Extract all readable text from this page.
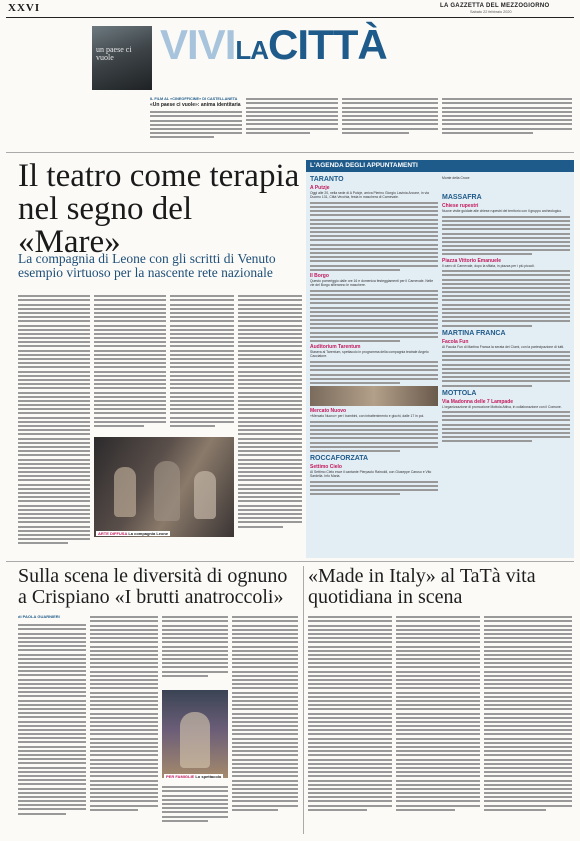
XXVI	LA GAZZETTA DEL MEZZOGIORNO
Sabato 22 febbraio 2020
un paese ci vuole	VIVILACITTÀ
IL FILM AL «CINEOFFICINE» DI CASTELLANETA
«Un paese ci vuole»: anima identitaria
Il teatro come terapia nel segno del «Mare»
La compagnia di Leone con gli scritti di Venuto esempio virtuoso per la nascente rete nazionale
ARTE DIFFUSA La compagnia Leone
L'AGENDA DEGLI APPUNTAMENTI
TARANTO
A Putzje
Oggi alle 20, nella sede di A Putzje, arriva Pierino Giorgio Lavinia Arcone, in via Duomo 131, Città Vecchia, festa in maschera di Carnevale.
Il Borgo
Questo pomeriggio dalle ore 16 e domenica festeggiamenti per il Carnevale. Nelle vie del Borgo sfileranno le maschere.
Auditorium Tarentum
Stasera al Tarentum, spettacolo in programma della compagnia teatrale Angelo Cacciatore.
Mercato Nuovo
«Mercato Nuovo» per i bambini, con intrattenimento e giochi, dalle 17 in poi.
ROCCAFORZATA
Settimo Cielo
Al Settimo Cielo esce il cantante Pierpaolo Rainoldi, con Giuseppe Caruso e Vito Sardella. Info Maria.
Monte della Croce
MASSAFRA
Chiese rupestri
Nuove visite guidate alle chiese rupestri del territorio con il gruppo archeologico.
Piazza Vittorio Emanuele
Il carro di Carnevale, dopo la sfilata, in piazza per i più piccoli.
MARTINA FRANCA
Facola Fun
Al Facola Fun di Martina Franca la serata dei Ciumi, con la partecipazione di tutti.
MOTTOLA
Via Madonna delle 7 Lampade
L'organizzazione di promozione Mottola Attiva, in collaborazione con il Comune.
Sulla scena le diversità di ognuno a Crispiano «I brutti anatroccoli»
di PAOLA GUARNIERI
PER FAMIGLIE Lo spettacolo
«Made in Italy» al TaTà vita quotidiana in scena
